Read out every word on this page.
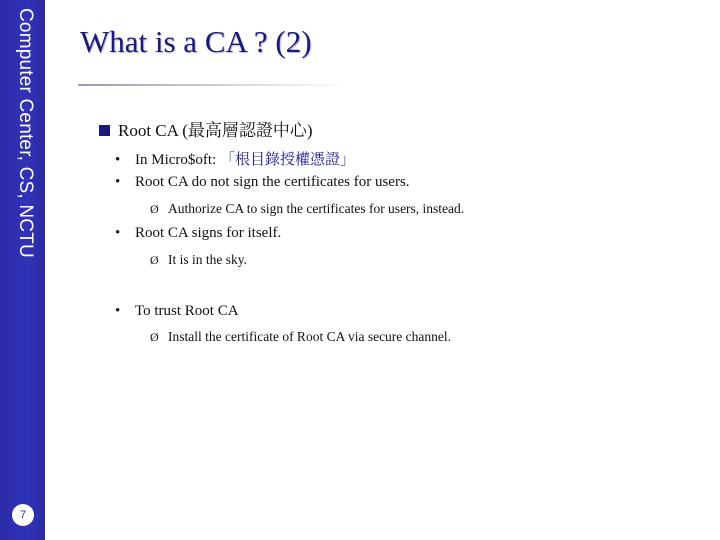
Computer Center, CS, NCTU
7
What is a CA ? (2)
Root CA (最高層認證中心)
• In Micro$oft: 「根目錄授權憑證」
• Root CA do not sign the certificates for users.
Ø Authorize CA to sign the certificates for users, instead.
• Root CA signs for itself.
Ø It is in the sky.
• To trust Root CA
Ø Install the certificate of Root CA via secure channel.
